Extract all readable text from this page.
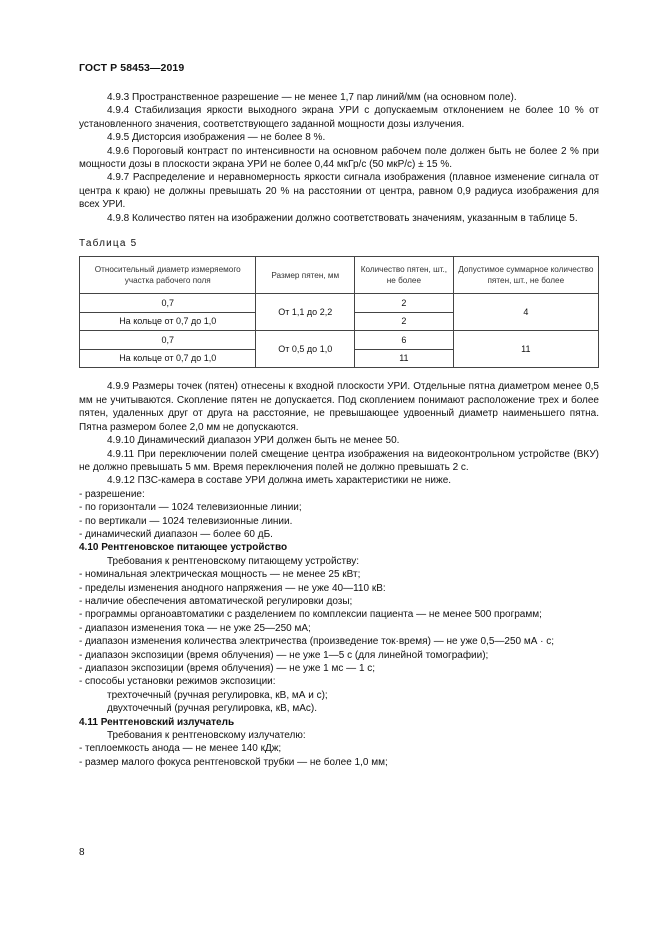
ГОСТ Р 58453—2019

4.9.3 Пространственное разрешение — не менее 1,7 пар линий/мм (на основном поле).

4.9.4 Стабилизация яркости выходного экрана УРИ с допускаемым отклонением не более 10 % от установленного значения, соответствующего заданной мощности дозы излучения.

4.9.5 Дисторсия изображения — не более 8 %.

4.9.6 Пороговый контраст по интенсивности на основном рабочем поле должен быть не более 2 % при мощности дозы в плоскости экрана УРИ не более 0,44 мкГр/с (50 мкР/с) ± 15 %.

4.9.7 Распределение и неравномерность яркости сигнала изображения (плавное изменение сигнала от центра к краю) не должны превышать 20 % на расстоянии от центра, равном 0,9 радиуса изображения для всех УРИ.

4.9.8 Количество пятен на изображении должно соответствовать значениям, указанным в таблице 5.

Таблица 5
Относительный диаметр измеряемого участка рабочего поля	Размер пятен, мм	Количество пятен, шт., не более	Допустимое суммарное количество пятен, шт., не более
0,7	От 1,1 до 2,2	2	4
На кольце от 0,7 до 1,0		2	
0,7	От 0,5 до 1,0	6	11
На кольце от 0,7 до 1,0		11	

4.9.9 Размеры точек (пятен) отнесены к входной плоскости УРИ. Отдельные пятна диаметром менее 0,5 мм не учитываются. Скопление пятен не допускается. Под скоплением понимают расположение трех и более пятен, удаленных друг от друга на расстояние, не превышающее удвоенный диаметр наименьшего пятна. Пятна размером более 2,0 мм не допускаются.

4.9.10 Динамический диапазон УРИ должен быть не менее 50.

4.9.11 При переключении полей смещение центра изображения на видеоконтрольном устройстве (ВКУ) не должно превышать 5 мм. Время переключения полей не должно превышать 2 с.

4.9.12 ПЗС-камера в составе УРИ должна иметь характеристики не ниже.

- разрешение:

- по горизонтали — 1024 телевизионные линии;

- по вертикали — 1024 телевизионные линии.

- динамический диапазон — более 60 дБ.

4.10 Рентгеновское питающее устройство

Требования к рентгеновскому питающему устройству:

- номинальная электрическая мощность — не менее 25 кВт;

- пределы изменения анодного напряжения — не уже 40—110 кВ:

- наличие обеспечения автоматической регулировки дозы;

- программы органоавтоматики с разделением по комплексии пациента — не менее 500 программ;

- диапазон изменения тока — не уже 25—250 мА;

- диапазон изменения количества электричества (произведение ток·время) — не уже 0,5—250 мА · с;

- диапазон экспозиции (время облучения) — не уже 1—5 с (для линейной томографии);

- диапазон экспозиции (время облучения) — не уже 1 мс — 1 с;

- способы установки режимов экспозиции:

трехточечный (ручная регулировка, кВ, мА и с);

двухточечный (ручная регулировка, кВ, мАс).

4.11 Рентгеновский излучатель

Требования к рентгеновскому излучателю:

- теплоемкость анода — не менее 140 кДж;

- размер малого фокуса рентгеновской трубки — не более 1,0 мм;

8
